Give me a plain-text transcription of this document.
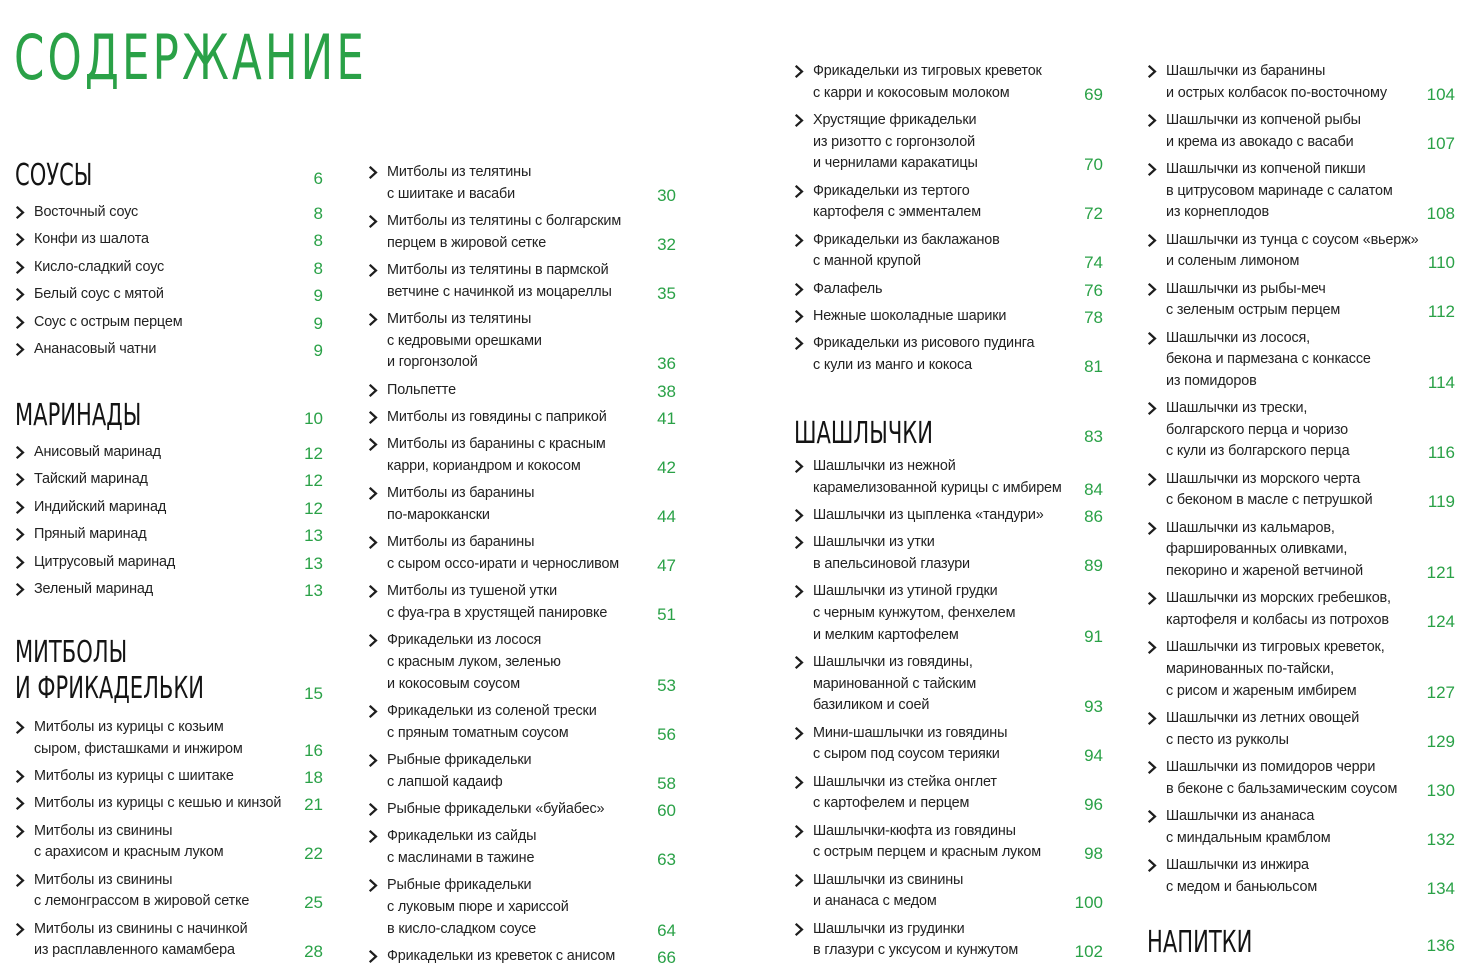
СОДЕРЖАНИЕ
СОУСЫ	6
Восточный соус	8
Конфи из шалота	8
Кисло-сладкий соус	8
Белый соус с мятой	9
Соус с острым перцем	9
Ананасовый чатни	9
МАРИНАДЫ	10
Анисовый маринад	12
Тайский маринад	12
Индийский маринад	12
Пряный маринад	13
Цитрусовый маринад	13
Зеленый маринад	13
МИТБОЛЫ
И ФРИКАДЕЛЬКИ	15
Митболы из курицы с козьим
сыром, фисташками и инжиром	16
Митболы из курицы с шиитаке	18
Митболы из курицы с кешью и кинзой	21
Митболы из свинины
с арахисом и красным луком	22
Митболы из свинины
с лемонграссом в жировой сетке	25
Митболы из свинины с начинкой
из расплавленного камамбера	28
Митболы из телятины
с шиитаке и васаби	30
Митболы из телятины с болгарским
перцем в жировой сетке	32
Митболы из телятины в пармской
ветчине с начинкой из моцареллы	35
Митболы из телятины
с кедровыми орешками
и горгонзолой	36
Польпетте	38
Митболы из говядины с паприкой	41
Митболы из баранины с красным
карри, кориандром и кокосом	42
Митболы из баранины
по-мароккански	44
Митболы из баранины
с сыром оссо-ирати и черносливом	47
Митболы из тушеной утки
с фуа-гра в хрустящей панировке	51
Фрикадельки из лосося
с красным луком, зеленью
и кокосовым соусом	53
Фрикадельки из соленой трески
с пряным томатным соусом	56
Рыбные фрикадельки
с лапшой кадаиф	58
Рыбные фрикадельки «буйабес»	60
Фрикадельки из сайды
с маслинами в тажине	63
Рыбные фрикадельки
с луковым пюре и хариссой
в кисло-сладком соусе	64
Фрикадельки из креветок с анисом	66
Фрикадельки из тигровых креветок
с карри и кокосовым молоком	69
Хрустящие фрикадельки
из ризотто с горгонзолой
и чернилами каракатицы	70
Фрикадельки из тертого
картофеля с эмменталем	72
Фрикадельки из баклажанов
с манной крупой	74
Фалафель	76
Нежные шоколадные шарики	78
Фрикадельки из рисового пудинга
с кули из манго и кокоса	81
ШАШЛЫЧКИ	83
Шашлычки из нежной
карамелизованной курицы с имбирем	84
Шашлычки из цыпленка «тандури»	86
Шашлычки из утки
в апельсиновой глазури	89
Шашлычки из утиной грудки
с черным кунжутом, фенхелем
и мелким картофелем	91
Шашлычки из говядины,
маринованной с тайским
базиликом и соей	93
Мини-шашлычки из говядины
с сыром под соусом терияки	94
Шашлычки из стейка онглет
с картофелем и перцем	96
Шашлычки-кюфта из говядины
с острым перцем и красным луком	98
Шашлычки из свинины
и ананаса с медом	100
Шашлычки из грудинки
в глазури с уксусом и кунжутом	102
Шашлычки из баранины
и острых колбасок по-восточному	104
Шашлычки из копченой рыбы
и крема из авокадо с васаби	107
Шашлычки из копченой пикши
в цитрусовом маринаде с салатом
из корнеплодов	108
Шашлычки из тунца с соусом «вьерж»
и соленым лимоном	110
Шашлычки из рыбы-меч
с зеленым острым перцем	112
Шашлычки из лосося,
бекона и пармезана с конкассе
из помидоров	114
Шашлычки из трески,
болгарского перца и чоризо
с кули из болгарского перца	116
Шашлычки из морского черта
с беконом в масле с петрушкой	119
Шашлычки из кальмаров,
фаршированных оливками,
пекорино и жареной ветчиной	121
Шашлычки из морских гребешков,
картофеля и колбасы из потрохов	124
Шашлычки из тигровых креветок,
маринованных по-тайски,
с рисом и жареным имбирем	127
Шашлычки из летних овощей
с песто из рукколы	129
Шашлычки из помидоров черри
в беконе с бальзамическим соусом	130
Шашлычки из ананаса
с миндальным крамблом	132
Шашлычки из инжира
с медом и баньюльсом	134
НАПИТКИ	136
